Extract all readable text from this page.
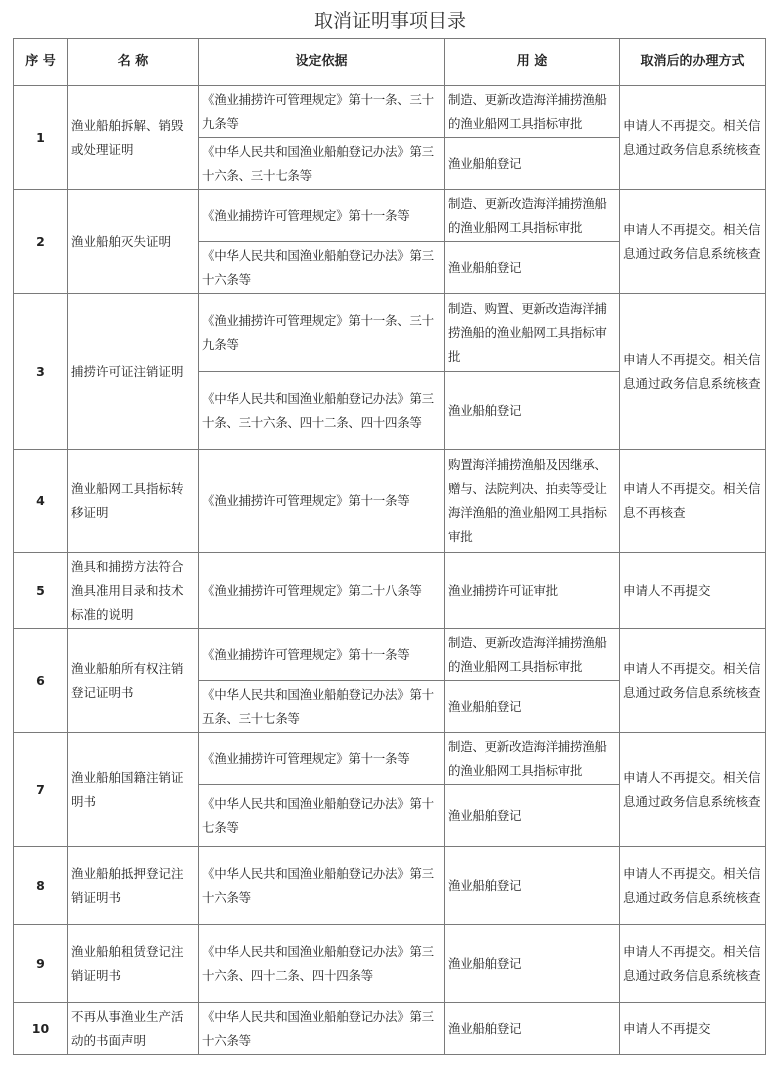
取消证明事项目录
序 号	名 称	设定依据	用 途	取消后的办理方式
1	渔业船舶拆解、销毁或处理证明	《渔业捕捞许可管理规定》第十一条、三十九条等	制造、更新改造海洋捕捞渔船的渔业船网工具指标审批	申请人不再提交。相关信息通过政务信息系统核查
		《中华人民共和国渔业船舶登记办法》第三十六条、三十七条等	渔业船舶登记	
2	渔业船舶灭失证明	《渔业捕捞许可管理规定》第十一条等	制造、更新改造海洋捕捞渔船的渔业船网工具指标审批	申请人不再提交。相关信息通过政务信息系统核查
		《中华人民共和国渔业船舶登记办法》第三十六条等	渔业船舶登记	
3	捕捞许可证注销证明	《渔业捕捞许可管理规定》第十一条、三十九条等	制造、购置、更新改造海洋捕捞渔船的渔业船网工具指标审批	申请人不再提交。相关信息通过政务信息系统核查
		《中华人民共和国渔业船舶登记办法》第三十条、三十六条、四十二条、四十四条等	渔业船舶登记	
4	渔业船网工具指标转移证明	《渔业捕捞许可管理规定》第十一条等	购置海洋捕捞渔船及因继承、赠与、法院判决、拍卖等受让海洋渔船的渔业船网工具指标审批	申请人不再提交。相关信息不再核查
5	渔具和捕捞方法符合渔具准用目录和技术标准的说明	《渔业捕捞许可管理规定》第二十八条等	渔业捕捞许可证审批	申请人不再提交
6	渔业船舶所有权注销登记证明书	《渔业捕捞许可管理规定》第十一条等	制造、更新改造海洋捕捞渔船的渔业船网工具指标审批	申请人不再提交。相关信息通过政务信息系统核查
		《中华人民共和国渔业船舶登记办法》第十五条、三十七条等	渔业船舶登记	
7	渔业船舶国籍注销证明书	《渔业捕捞许可管理规定》第十一条等	制造、更新改造海洋捕捞渔船的渔业船网工具指标审批	申请人不再提交。相关信息通过政务信息系统核查
		《中华人民共和国渔业船舶登记办法》第十七条等	渔业船舶登记	
8	渔业船舶抵押登记注销证明书	《中华人民共和国渔业船舶登记办法》第三十六条等	渔业船舶登记	申请人不再提交。相关信息通过政务信息系统核查
9	渔业船舶租赁登记注销证明书	《中华人民共和国渔业船舶登记办法》第三十六条、四十二条、四十四条等	渔业船舶登记	申请人不再提交。相关信息通过政务信息系统核查
10	不再从事渔业生产活动的书面声明	《中华人民共和国渔业船舶登记办法》第三十六条等	渔业船舶登记	申请人不再提交
